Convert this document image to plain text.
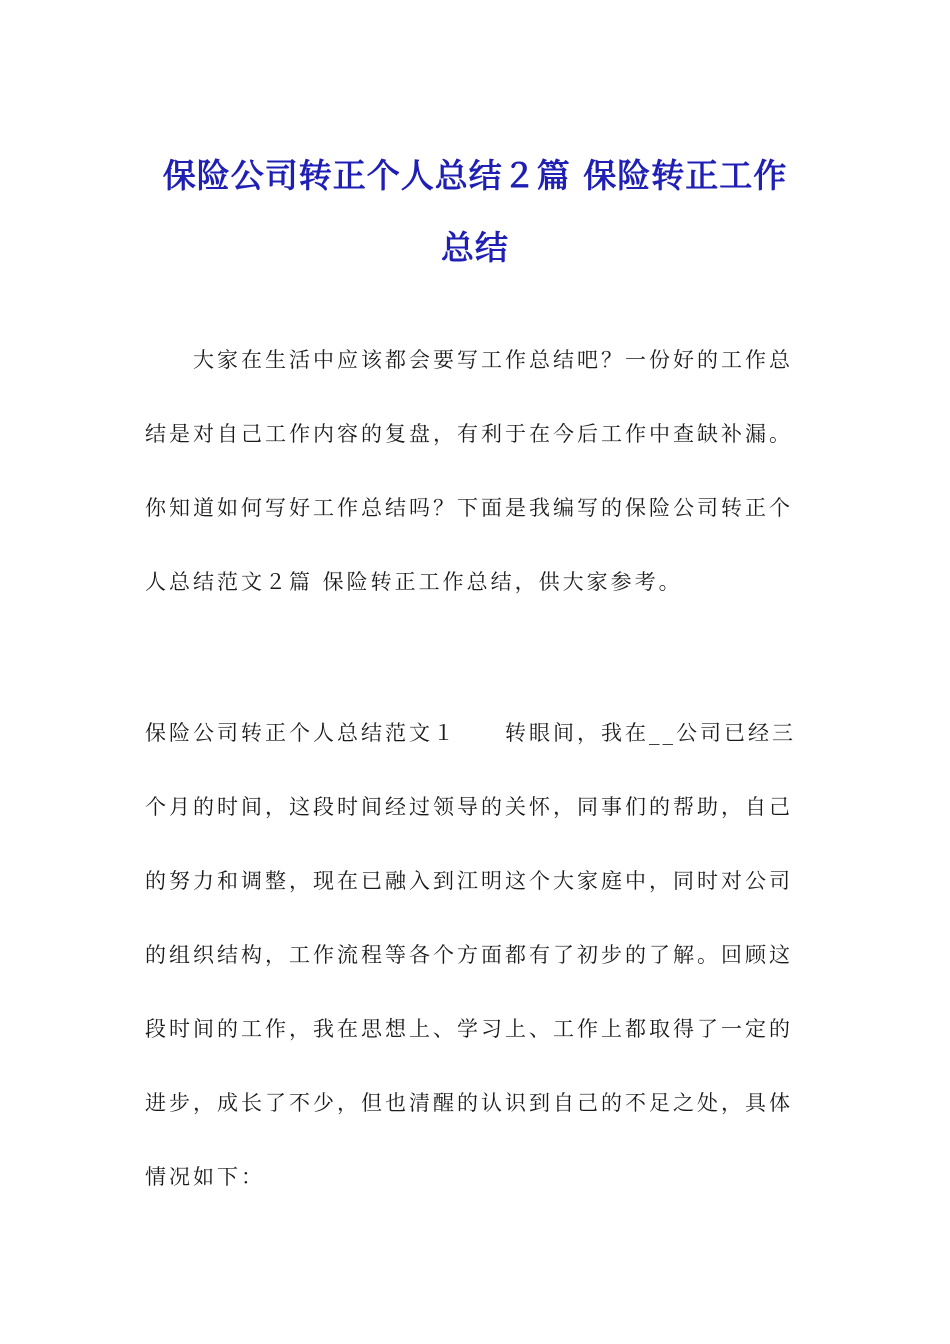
保险公司转正个人总结２篇 保险转正工作
总结

　　大家在生活中应该都会要写工作总结吧？一份好的工作总
结是对自己工作内容的复盘，有利于在今后工作中查缺补漏。
你知道如何写好工作总结吗？下面是我编写的保险公司转正个
人总结范文２篇 保险转正工作总结，供大家参考。

保险公司转正个人总结范文１　　转眼间，我在__公司已经三
个月的时间，这段时间经过领导的关怀，同事们的帮助，自己
的努力和调整，现在已融入到江明这个大家庭中，同时对公司
的组织结构，工作流程等各个方面都有了初步的了解。回顾这
段时间的工作，我在思想上、学习上、工作上都取得了一定的
进步，成长了不少，但也清醒的认识到自己的不足之处，具体
情况如下：
